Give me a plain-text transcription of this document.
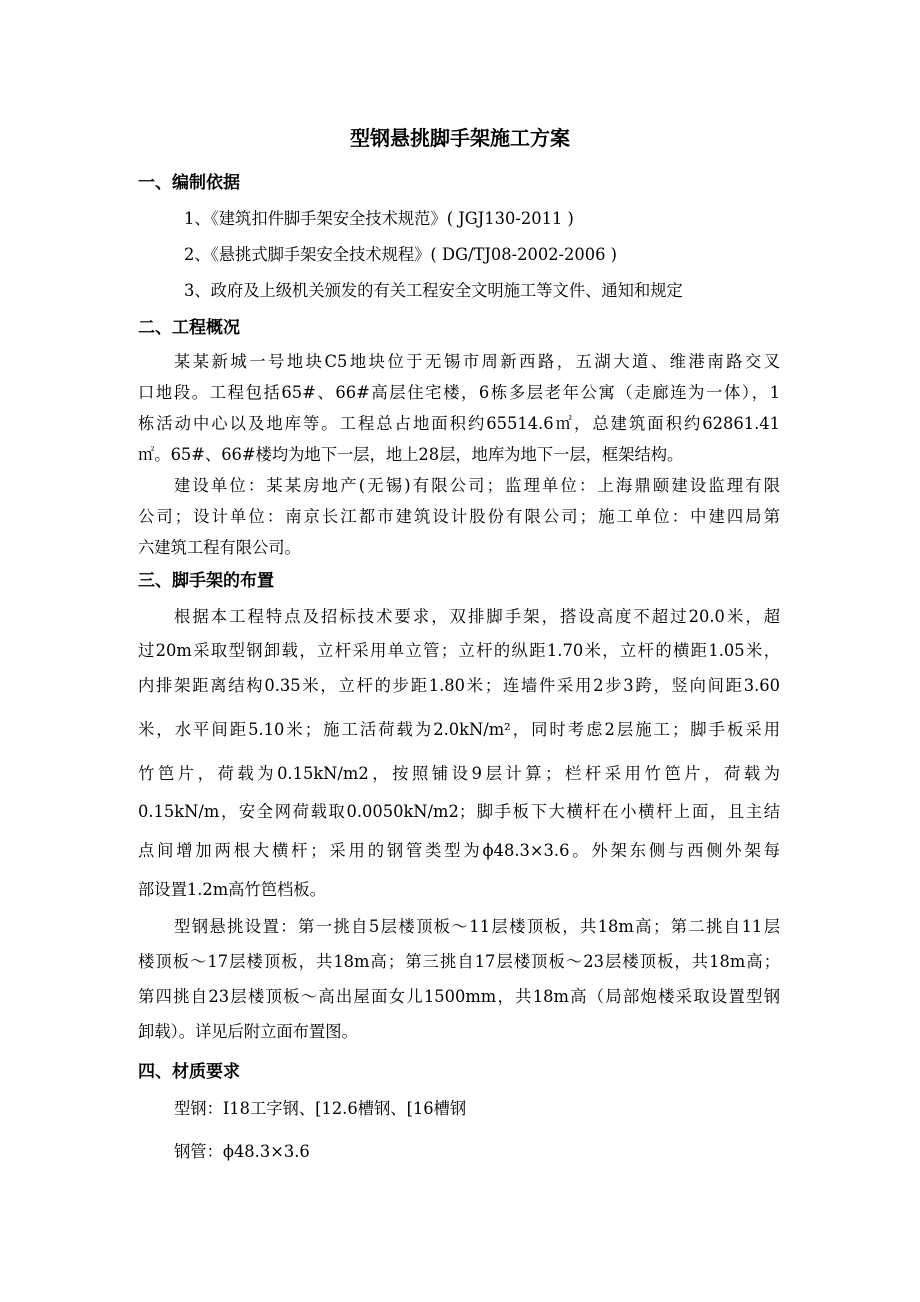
型钢悬挑脚手架施工方案
一、编制依据
1、《建筑扣件脚手架安全技术规范》( JGJ130-2011 )
2、《悬挑式脚手架安全技术规程》( DG/TJ08-2002-2006 )
3、政府及上级机关颁发的有关工程安全文明施工等文件、通知和规定
二、工程概况
某某新城一号地块C5地块位于无锡市周新西路，五湖大道、维港南路交叉
口地段。工程包括65#、66#高层住宅楼，6栋多层老年公寓（走廊连为一体），1
栋活动中心以及地库等。工程总占地面积约65514.6㎡，总建筑面积约62861.41
㎡。65#、66#楼均为地下一层，地上28层，地库为地下一层，框架结构。
建设单位：某某房地产(无锡)有限公司；监理单位：上海鼎颐建设监理有限
公司；设计单位：南京长江都市建筑设计股份有限公司；施工单位：中建四局第
六建筑工程有限公司。
三、脚手架的布置
根据本工程特点及招标技术要求，双排脚手架，搭设高度不超过20.0米，超
过20m采取型钢卸载，立杆采用单立管；立杆的纵距1.70米，立杆的横距1.05米，
内排架距离结构0.35米，立杆的步距1.80米；连墙件采用2步3跨，竖向间距3.60
米，水平间距5.10米；施工活荷载为2.0kN/m²，同时考虑2层施工；脚手板采用
竹笆片，荷载为0.15kN/m2，按照铺设9层计算；栏杆采用竹笆片，荷载为
0.15kN/m，安全网荷载取0.0050kN/m2；脚手板下大横杆在小横杆上面，且主结
点间增加两根大横杆；采用的钢管类型为ϕ48.3×3.6。外架东侧与西侧外架每
部设置1.2m高竹笆档板。
型钢悬挑设置：第一挑自5层楼顶板～11层楼顶板，共18m高；第二挑自11层
楼顶板～17层楼顶板，共18m高；第三挑自17层楼顶板～23层楼顶板，共18m高；
第四挑自23层楼顶板～高出屋面女儿1500mm，共18m高（局部炮楼采取设置型钢
卸载）。详见后附立面布置图。
四、材质要求
型钢：I18工字钢、[12.6槽钢、[16槽钢
钢管：ϕ48.3×3.6
